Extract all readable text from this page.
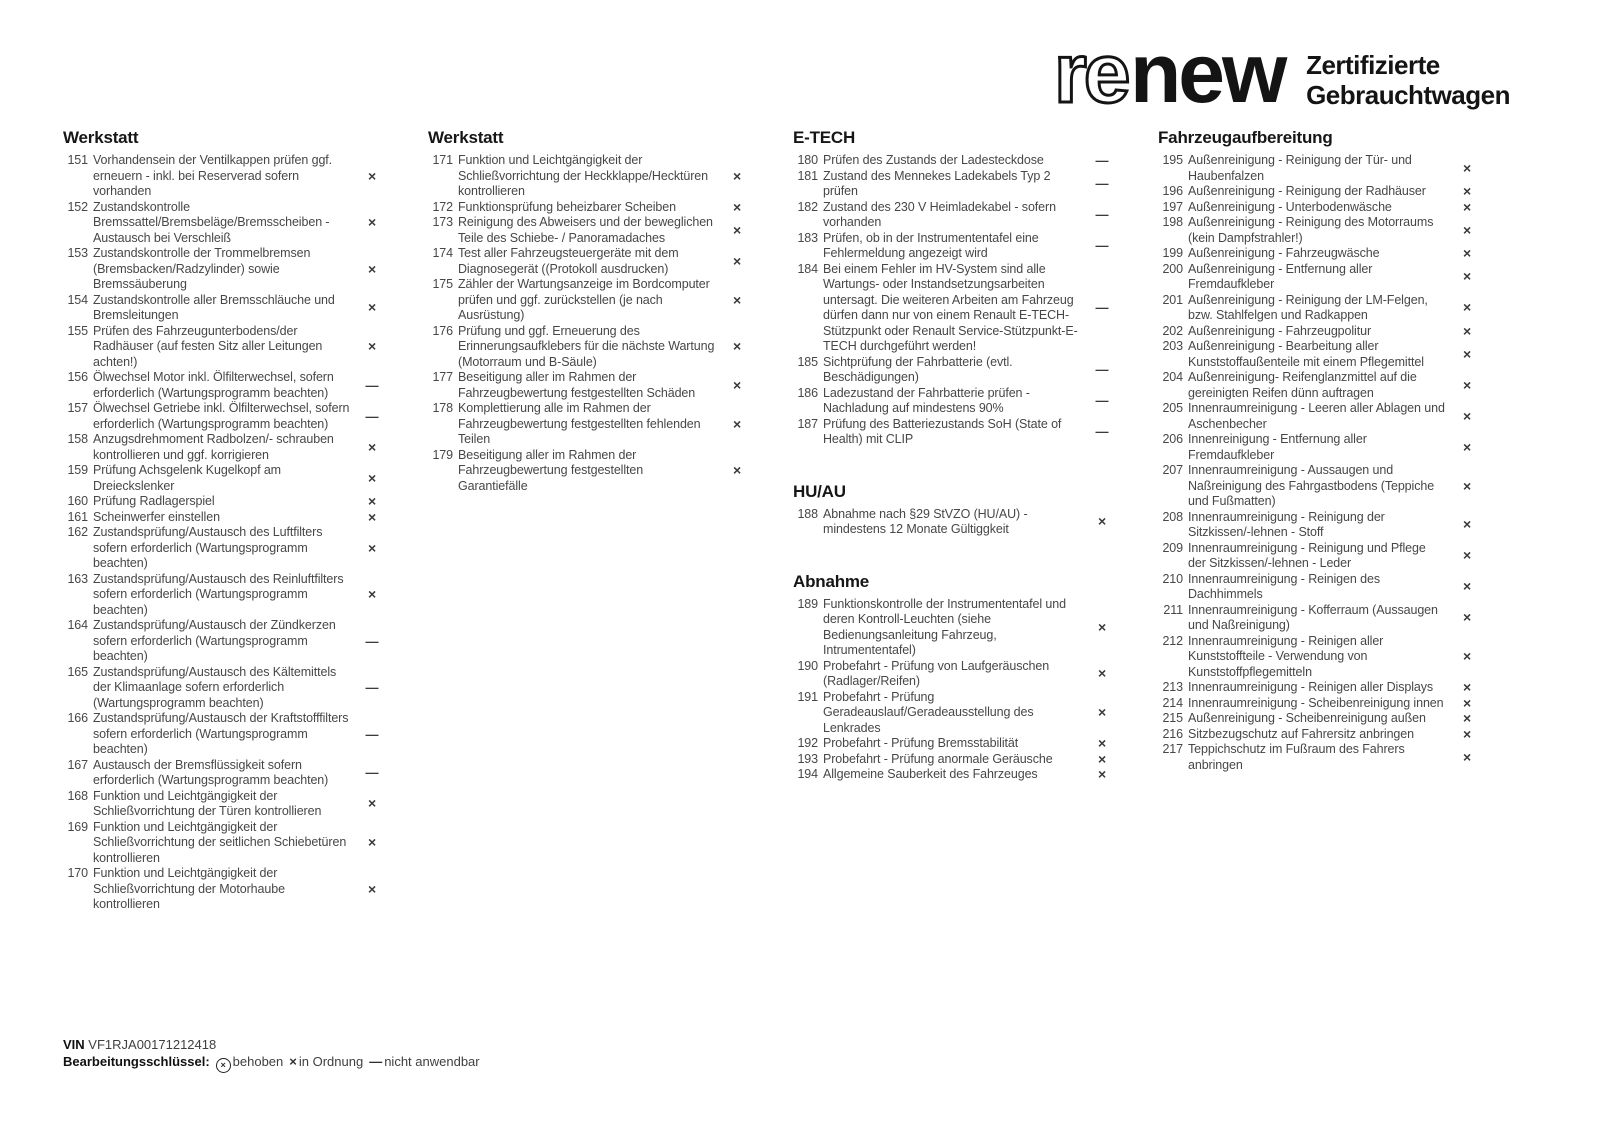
re new Zertifizierte
Gebrauchtwagen
Werkstatt
151 Vorhandensein der Ventilkappen prüfen ggf. erneuern - inkl. bei Reserverad sofern vorhanden
×
152 Zustandskontrolle Bremssattel/Bremsbeläge/Bremsscheiben - Austausch bei Verschleiß
×
153 Zustandskontrolle der Trommelbremsen (Bremsbacken/Radzylinder) sowie Bremssäuberung
×
154 Zustandskontrolle aller Bremsschläuche und Bremsleitungen	×
155 Prüfen des Fahrzeugunterbodens/der Radhäuser (auf festen Sitz aller Leitungen achten!)
×
156 Ölwechsel Motor inkl. Ölfilterwechsel, sofern erforderlich (Wartungsprogramm beachten)	—
157 Ölwechsel Getriebe inkl. Ölfilterwechsel, sofern erforderlich (Wartungsprogramm beachten)	—
158 Anzugsdrehmoment Radbolzen/- schrauben kontrollieren und ggf. korrigieren	×
159 Prüfung Achsgelenk Kugelkopf am Dreieckslenker	×
160 Prüfung Radlagerspiel	×
161 Scheinwerfer einstellen	×
162 Zustandsprüfung/Austausch des Luftfilters sofern erforderlich (Wartungsprogramm beachten)
×
163 Zustandsprüfung/Austausch des Reinluftfilters sofern erforderlich (Wartungsprogramm beachten)
×
164 Zustandsprüfung/Austausch der Zündkerzen sofern erforderlich (Wartungsprogramm beachten)
—
165 Zustandsprüfung/Austausch des Kältemittels der Klimaanlage sofern erforderlich (Wartungsprogramm beachten)
—
166 Zustandsprüfung/Austausch der Kraftstofffilters sofern erforderlich (Wartungsprogramm beachten)
—
167 Austausch der Bremsflüssigkeit sofern erforderlich (Wartungsprogramm beachten)	—
168 Funktion und Leichtgängigkeit der Schließvorrichtung der Türen kontrollieren	×
169 Funktion und Leichtgängigkeit der Schließvorrichtung der seitlichen Schiebetüren kontrollieren
×
170 Funktion und Leichtgängigkeit der Schließvorrichtung der Motorhaube kontrollieren
×
Werkstatt
171 Funktion und Leichtgängigkeit der Schließvorrichtung der Heckklappe/Hecktüren kontrollieren
×
172 Funktionsprüfung beheizbarer Scheiben	×
173 Reinigung des Abweisers und der beweglichen Teile des Schiebe- / Panoramadaches	×
174 Test aller Fahrzeugsteuergeräte mit dem Diagnosegerät ((Protokoll ausdrucken)	×
175 Zähler der Wartungsanzeige im Bordcomputer prüfen und ggf. zurückstellen (je nach Ausrüstung)
×
176 Prüfung und ggf. Erneuerung des Erinnerungsaufklebers für die nächste Wartung (Motorraum und B-Säule)
×
177 Beseitigung aller im Rahmen der Fahrzeugbewertung festgestellten Schäden	×
178 Komplettierung alle im Rahmen der Fahrzeugbewertung festgestellten fehlenden Teilen
×
179 Beseitigung aller im Rahmen der Fahrzeugbewertung festgestellten Garantiefälle
×
E-TECH
180 Prüfen des Zustands der Ladesteckdose	—
181 Zustand des Mennekes Ladekabels Typ 2 prüfen	—
182 Zustand des 230 V Heimladekabel - sofern vorhanden	—
183 Prüfen, ob in der Instrumententafel eine Fehlermeldung angezeigt wird	—
184 Bei einem Fehler im HV-System sind alle Wartungs- oder Instandsetzungsarbeiten untersagt. Die weiteren Arbeiten am Fahrzeug dürfen dann nur von einem Renault E-TECH-Stützpunkt oder Renault Service-Stützpunkt-E-TECH durchgeführt werden!
—
185 Sichtprüfung der Fahrbatterie (evtl. Beschädigungen)	—
186 Ladezustand der Fahrbatterie prüfen - Nachladung auf mindestens 90%	—
187 Prüfung des Batteriezustands SoH (State of Health) mit CLIP	—
HU/AU
188 Abnahme nach §29 StVZO (HU/AU) - mindestens 12 Monate Gültiggkeit	×
Abnahme
189 Funktionskontrolle der Instrumententafel und deren Kontroll-Leuchten (siehe Bedienungsanleitung Fahrzeug, Intrumententafel)
×
190 Probefahrt - Prüfung von Laufgeräuschen (Radlager/Reifen)	×
191 Probefahrt - Prüfung Geradeauslauf/Geradeausstellung des Lenkrades
×
192 Probefahrt - Prüfung Bremsstabilität	×
193 Probefahrt - Prüfung anormale Geräusche	×
194 Allgemeine Sauberkeit des Fahrzeuges	×
Fahrzeugaufbereitung
195 Außenreinigung - Reinigung der Tür- und Haubenfalzen	×
196 Außenreinigung - Reinigung der Radhäuser	×
197 Außenreinigung - Unterbodenwäsche	×
198 Außenreinigung - Reinigung des Motorraums (kein Dampfstrahler!)	×
199 Außenreinigung - Fahrzeugwäsche	×
200 Außenreinigung - Entfernung aller Fremdaufkleber	×
201 Außenreinigung - Reinigung der LM-Felgen, bzw. Stahlfelgen und Radkappen	×
202 Außenreinigung - Fahrzeugpolitur	×
203 Außenreinigung - Bearbeitung aller Kunststoffaußenteile mit einem Pflegemittel	×
204 Außenreinigung- Reifenglanzmittel auf die gereinigten Reifen dünn auftragen	×
205 Innenraumreinigung - Leeren aller Ablagen und Aschenbecher	×
206 Innenreinigung - Entfernung aller Fremdaufkleber	×
207 Innenraumreinigung - Aussaugen und Naßreinigung des Fahrgastbodens (Teppiche und Fußmatten)
×
208 Innenraumreinigung - Reinigung der Sitzkissen/-lehnen - Stoff	×
209 Innenraumreinigung - Reinigung und Pflege der Sitzkissen/-lehnen - Leder	×
210 Innenraumreinigung - Reinigen des Dachhimmels	×
211 Innenraumreinigung - Kofferraum (Aussaugen und Naßreinigung)	×
212 Innenraumreinigung - Reinigen aller Kunststoffteile - Verwendung von Kunststoffpflegemitteln
×
213 Innenraumreinigung - Reinigen aller Displays	×
214 Innenraumreinigung - Scheibenreinigung innen ×
215 Außenreinigung - Scheibenreinigung außen	×
216 Sitzbezugschutz auf Fahrersitz anbringen	×
217 Teppichschutz im Fußraum des Fahrers anbringen	×
VIN VF1RJA00171212418
Bearbeitungsschlüssel: × behoben × in Ordnung — nicht anwendbar
